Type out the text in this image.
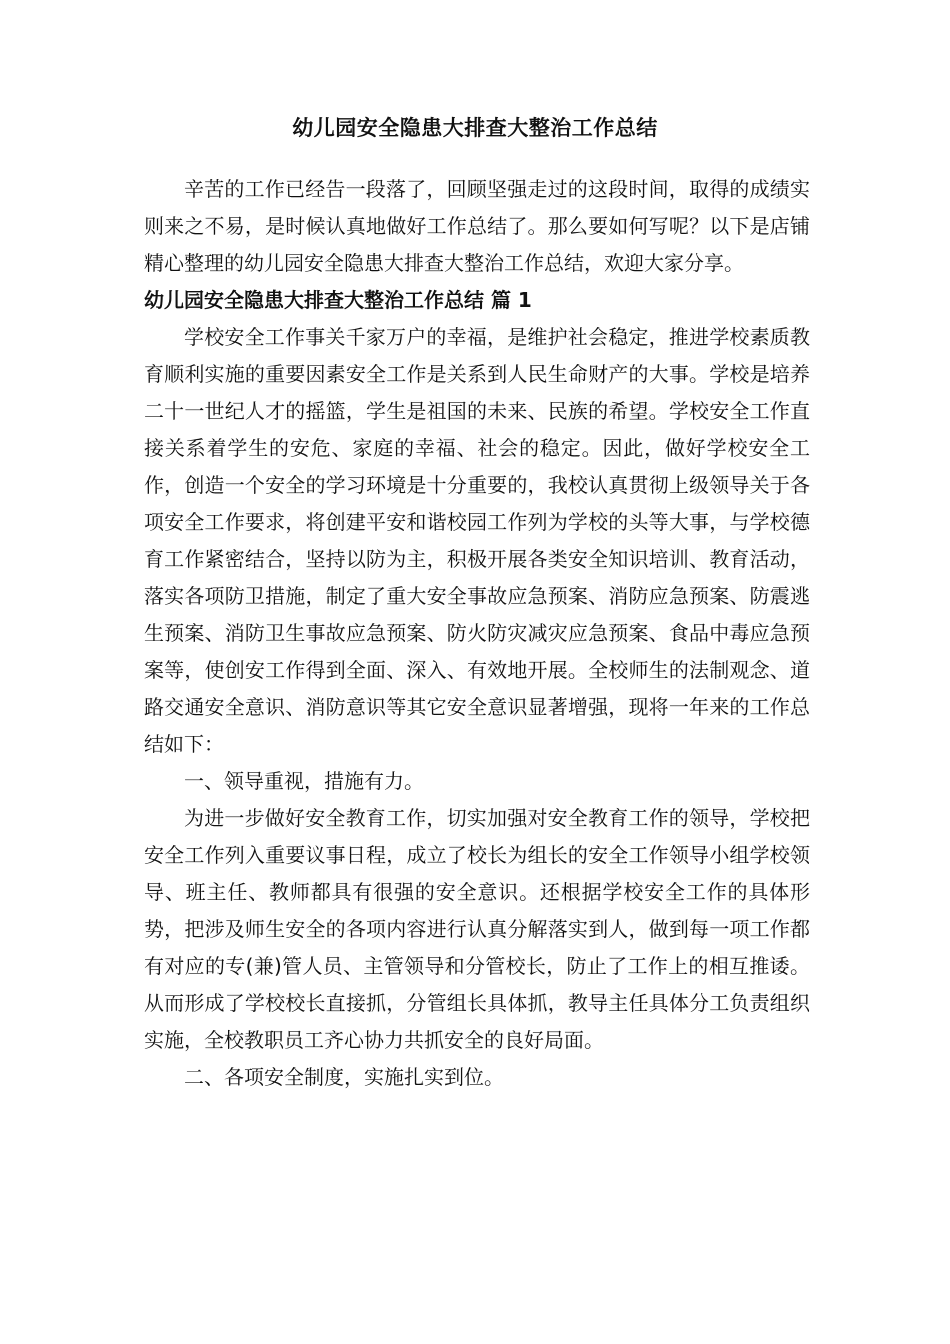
幼儿园安全隐患大排查大整治工作总结

辛苦的工作已经告一段落了，回顾坚强走过的这段时间，取得的成绩实则来之不易，是时候认真地做好工作总结了。那么要如何写呢？以下是店铺精心整理的幼儿园安全隐患大排查大整治工作总结，欢迎大家分享。

幼儿园安全隐患大排查大整治工作总结 篇 1

学校安全工作事关千家万户的幸福，是维护社会稳定，推进学校素质教育顺利实施的重要因素安全工作是关系到人民生命财产的大事。学校是培养二十一世纪人才的摇篮，学生是祖国的未来、民族的希望。学校安全工作直接关系着学生的安危、家庭的幸福、社会的稳定。因此，做好学校安全工作，创造一个安全的学习环境是十分重要的，我校认真贯彻上级领导关于各项安全工作要求，将创建平安和谐校园工作列为学校的头等大事，与学校德育工作紧密结合，坚持以防为主，积极开展各类安全知识培训、教育活动，落实各项防卫措施，制定了重大安全事故应急预案、消防应急预案、防震逃生预案、消防卫生事故应急预案、防火防灾减灾应急预案、食品中毒应急预案等，使创安工作得到全面、深入、有效地开展。全校师生的法制观念、道路交通安全意识、消防意识等其它安全意识显著增强，现将一年来的工作总结如下：

一、领导重视，措施有力。

为进一步做好安全教育工作，切实加强对安全教育工作的领导，学校把安全工作列入重要议事日程，成立了校长为组长的安全工作领导小组学校领导、班主任、教师都具有很强的安全意识。还根据学校安全工作的具体形势，把涉及师生安全的各项内容进行认真分解落实到人，做到每一项工作都有对应的专(兼)管人员、主管领导和分管校长，防止了工作上的相互推诿。从而形成了学校校长直接抓，分管组长具体抓，教导主任具体分工负责组织实施，全校教职员工齐心协力共抓安全的良好局面。

二、各项安全制度，实施扎实到位。
